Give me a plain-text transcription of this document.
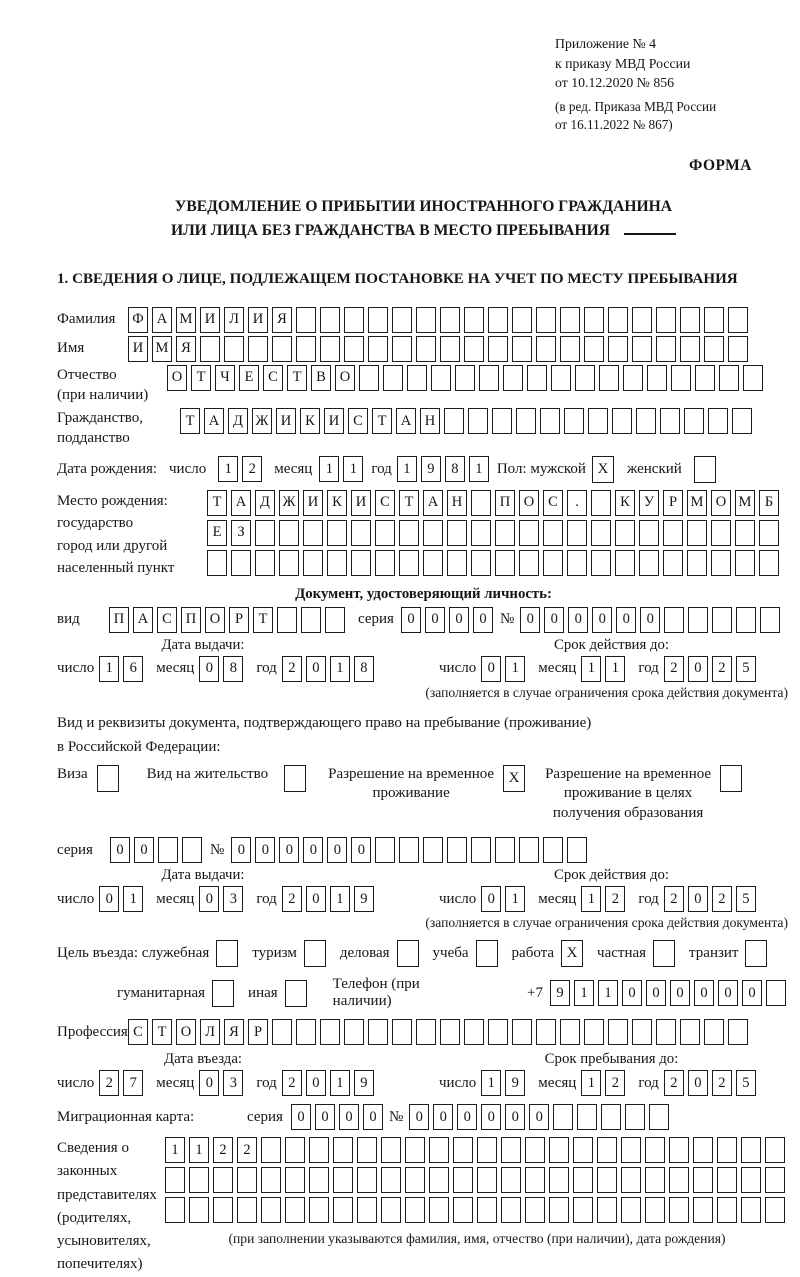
Приложение № 4
к приказу МВД России
от 10.12.2020 № 856
(в ред. Приказа МВД России
от 16.11.2022 № 867)
ФОРМА
УВЕДОМЛЕНИЕ О ПРИБЫТИИ ИНОСТРАННОГО ГРАЖДАНИНА
ИЛИ ЛИЦА БЕЗ ГРАЖДАНСТВА В МЕСТО ПРЕБЫВАНИЯ
1. СВЕДЕНИЯ О ЛИЦЕ, ПОДЛЕЖАЩЕМ ПОСТАНОВКЕ НА УЧЕТ ПО МЕСТУ ПРЕБЫВАНИЯ
Фамилия	Ф А М И Л И Я
Имя	И М Я
Отчество
(при наличии)
О Т	Ч	Е	С	Т	В О
Гражданство,
подданство
Т А Д Ж И К И С	Т А Н
Дата рождения: число	1	2	месяц 1	1 год 1	9	8	1 Пол: мужской X	женский
Место рождения:
государство
город или другой
населенный пункт
Т А Д Ж И К И С	Т А Н	П О С	.	К У	Р М О М Б
Е	З
Документ, удостоверяющий личность:
вид	П А С П О	Р	Т	серия 0	0	0	0 № 0	0	0	0	0	0
Дата выдачи:
число 1	6	месяц 0	8	год 2	0	1	8
Срок действия до:
число 0	1	месяц 1	1	год 2	0	2	5
(заполняется в случае ограничения срока действия документа)
Вид и реквизиты документа, подтверждающего право на пребывание (проживание)
в Российской Федерации:
Виза	Вид на жительство	Разрешение на временное
проживание
X	Разрешение на временное
проживание в целях
получения образования
серия	0	0	№ 0	0	0	0	0	0
Дата выдачи:
число 0	1	месяц 0	3	год 2	0	1	9
Срок действия до:
число 0	1	месяц 1	2	год 2	0	2	5
(заполняется в случае ограничения срока действия документа)
Цель въезда: служебная	туризм	деловая	учеба	работа X	частная	транзит
гуманитарная	иная
Телефон (при наличии)
+7 9	1	1	0	0	0	0	0	0
Профессия С	Т О Л Я	Р
Дата въезда:
число 2	7	месяц 0	3	год 2	0	1	9
Срок пребывания до:
число 1	9	месяц 1	2	год 2	0	2	5
Миграционная карта:	серия 0	0	0	0 № 0	0	0	0	0	0
Сведения о
законных
представителях
(родителях,
усыновителях,
попечителях)
1	1	2	2
(при заполнении указываются фамилия, имя, отчество (при наличии), дата рождения)
